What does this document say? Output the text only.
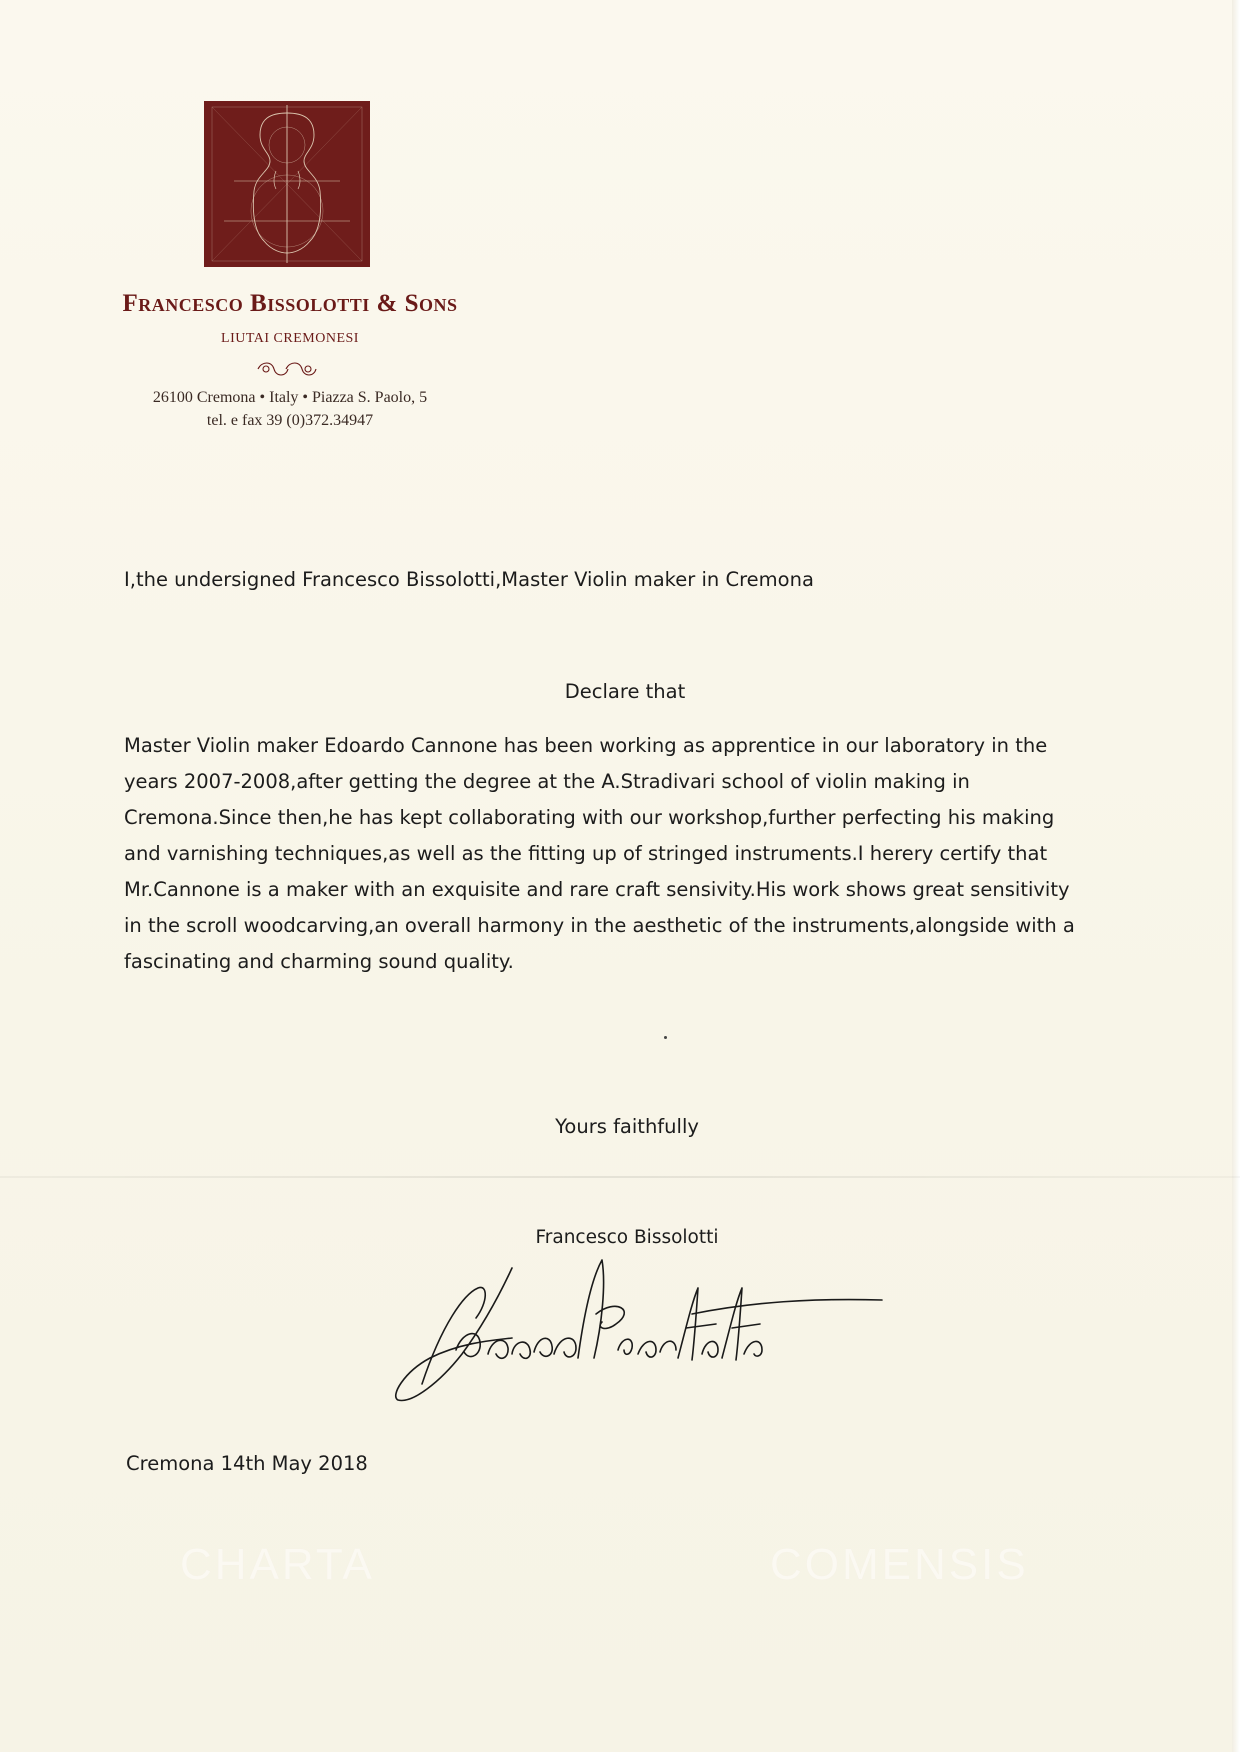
CHARTA	COMENSIS
Francesco Bissolotti & Sons
LIUTAI CREMONESI
26100 Cremona • Italy • Piazza S. Paolo, 5
tel. e fax 39 (0)372.34947
I,the undersigned Francesco Bissolotti,Master Violin maker in Cremona
Declare that
Master Violin maker Edoardo Cannone has been working as apprentice in our laboratory in the
years 2007-2008,after getting the degree at the A.Stradivari school of violin making in
Cremona.Since then,he has kept collaborating with our workshop,further perfecting his making
and varnishing techniques,as well as the fitting up of stringed instruments.I herery certify that
Mr.Cannone is a maker with an exquisite and rare craft sensivity.His work shows great sensitivity
in the scroll woodcarving,an overall harmony in the aesthetic of the instruments,alongside with a
fascinating and charming sound quality.
Yours faithfully
Francesco Bissolotti
Cremona 14th May 2018
